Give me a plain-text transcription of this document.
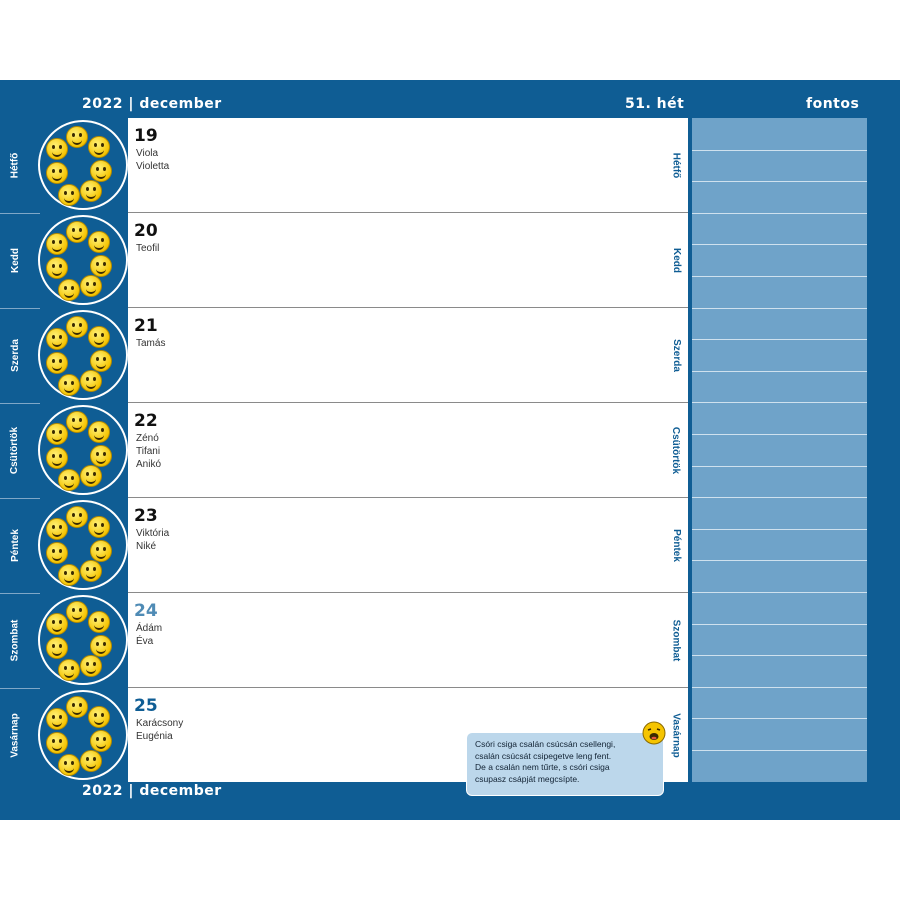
2022 | december	51. hét	fontos
19
Viola
Violetta	Hétfő
20
Teofil	Kedd
21
Tamás	Szerda
22
Zénó
Tifani
Anikó	Csütörtök
23
Viktória
Niké	Péntek
24
Ádám
Éva	Szombat
25
Karácsony
Eugénia	Vasárnap
Csóri csiga csalán csúcsán csellengi,
csalán csúcsát csipegetve leng fent.
De a csalán nem tűrte, s csóri csiga
csupasz csápját megcsípte.
2022 | december
Hétfő
Kedd
Szerda
Csütörtök
Péntek
Szombat
Vasárnap
